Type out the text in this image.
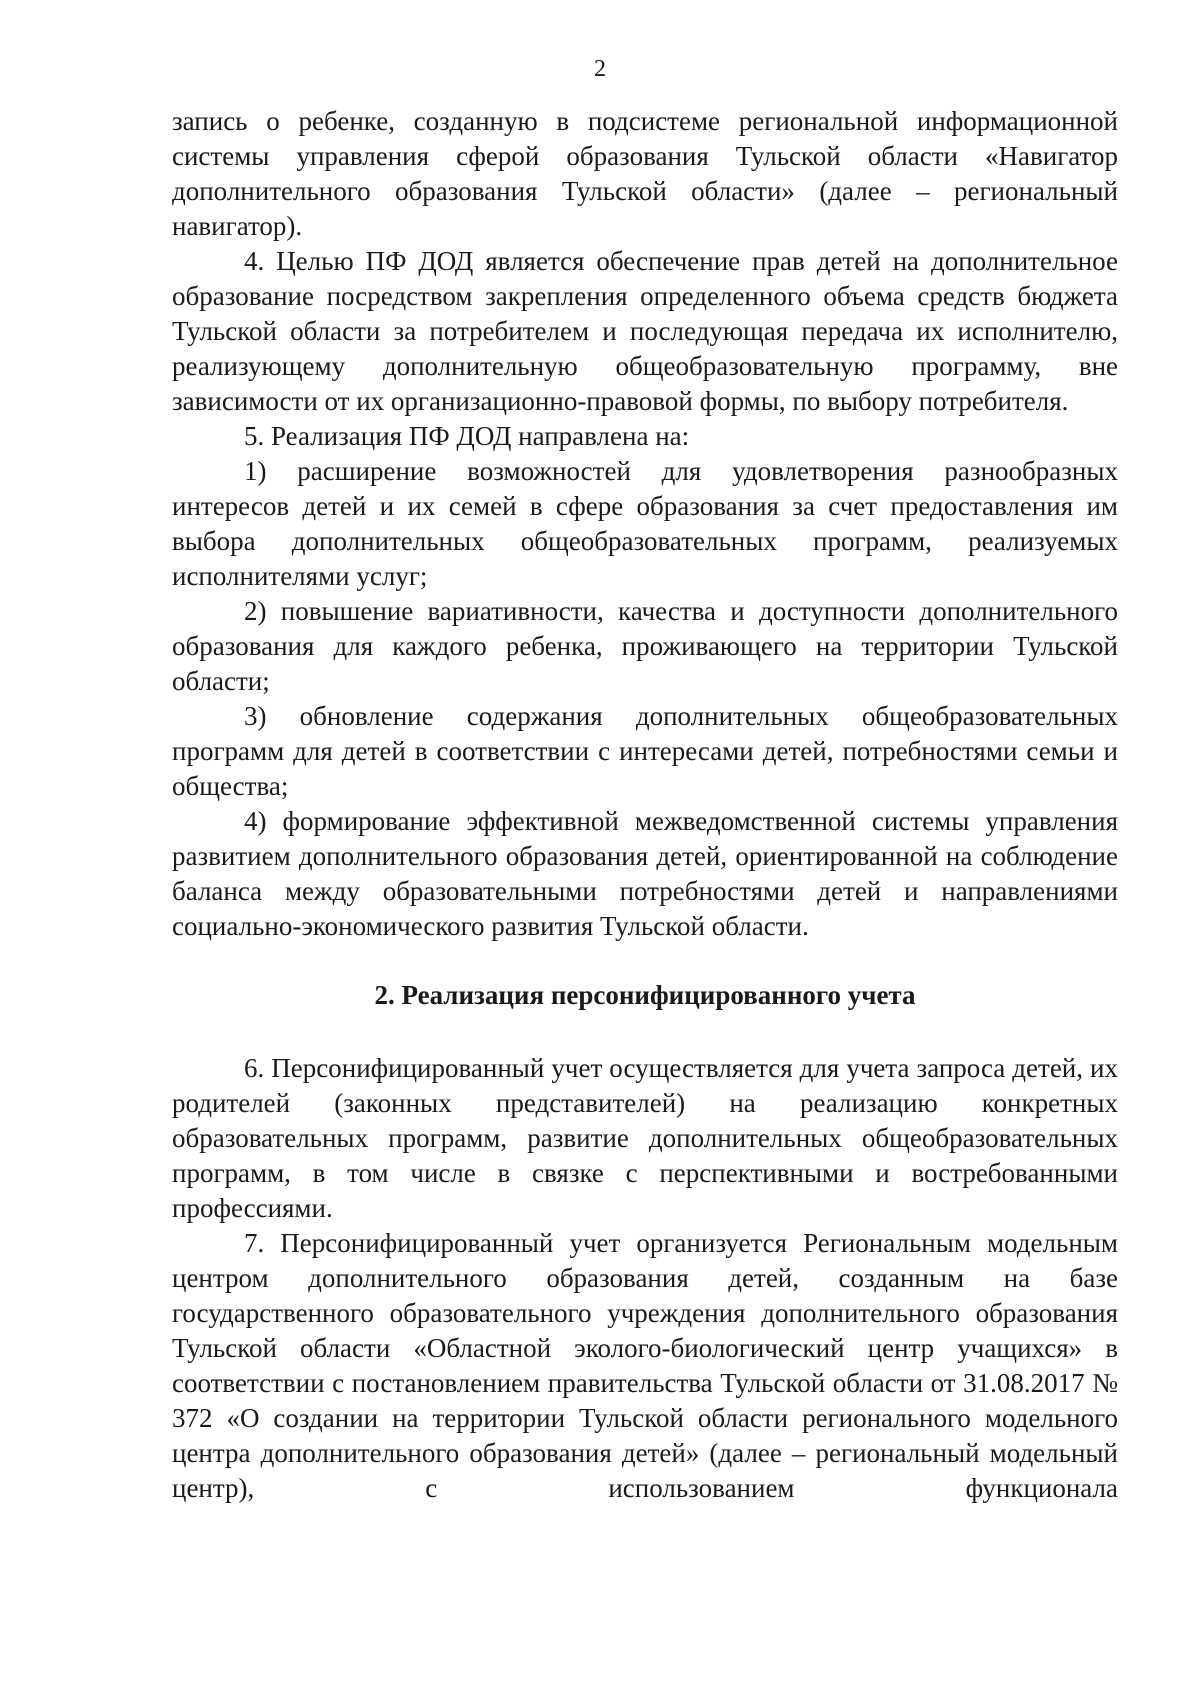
2

запись о ребенке, созданную в подсистеме региональной информационной системы управления сферой образования Тульской области «Навигатор дополнительного образования Тульской области» (далее – региональный навигатор).

4. Целью ПФ ДОД является обеспечение прав детей на дополнительное образование посредством закрепления определенного объема средств бюджета Тульской области за потребителем и последующая передача их исполнителю, реализующему дополнительную общеобразовательную программу, вне зависимости от их организационно-правовой формы, по выбору потребителя.

5. Реализация ПФ ДОД направлена на:

1) расширение возможностей для удовлетворения разнообразных интересов детей и их семей в сфере образования за счет предоставления им выбора дополнительных общеобразовательных программ, реализуемых исполнителями услуг;

2) повышение вариативности, качества и доступности дополнительного образования для каждого ребенка, проживающего на территории Тульской области;

3) обновление содержания дополнительных общеобразовательных программ для детей в соответствии с интересами детей, потребностями семьи и общества;

4) формирование эффективной межведомственной системы управления развитием дополнительного образования детей, ориентированной на соблюдение баланса между образовательными потребностями детей и направлениями социально-экономического развития Тульской области.

2. Реализация персонифицированного учета

6. Персонифицированный учет осуществляется для учета запроса детей, их родителей (законных представителей) на реализацию конкретных образовательных программ, развитие дополнительных общеобразовательных программ, в том числе в связке с перспективными и востребованными профессиями.

7. Персонифицированный учет организуется Региональным модельным центром дополнительного образования детей, созданным на базе государственного образовательного учреждения дополнительного образования Тульской области «Областной эколого-биологический центр учащихся» в соответствии с постановлением правительства Тульской области от 31.08.2017 № 372 «О создании на территории Тульской области регионального модельного центра дополнительного образования детей» (далее – региональный модельный центр), с использованием функционала
